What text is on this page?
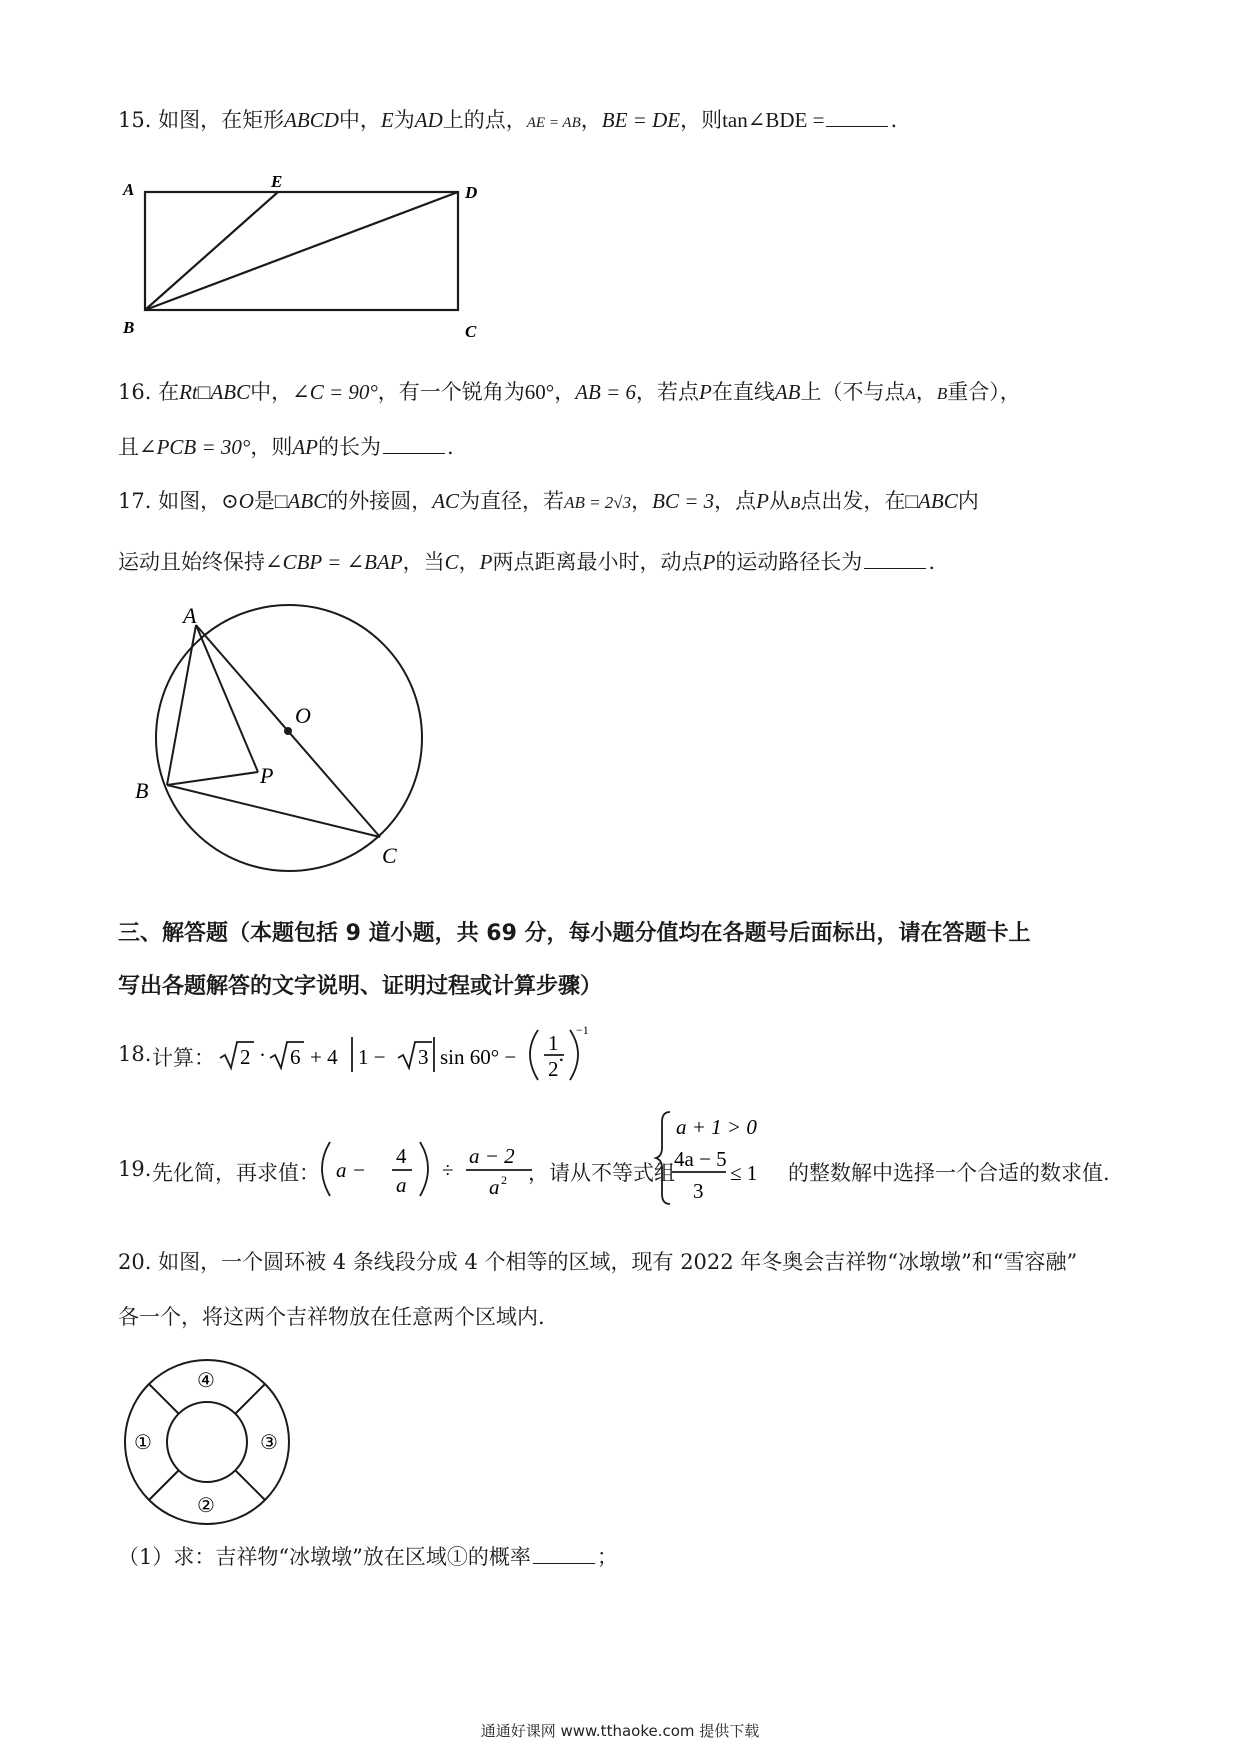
15. 如图，在矩形ABCD中，E为AD上的点，AE = AB，BE = DE，则tan∠BDE =	.
A	E
D
B	C
16. 在Rt□ABC中，∠C = 90°，有一个锐角为60°，AB = 6，若点P在直线AB上（不与点A，B重合），
且∠PCB = 30°，则AP的长为	.
17. 如图，⊙O是□ABC的外接圆，AC为直径，若AB = 2√3，BC = 3，点P从B点出发，在□ABC内
运动且始终保持∠CBP = ∠BAP，当C，P两点距离最小时，动点P的运动路径长为	.
A
O
P
B
C
三、解答题（本题包括 9 道小题，共 69 分，每小题分值均在各题号后面标出，请在答题卡上
写出各题解答的文字说明、证明过程或计算步骤）
18. 计算： 2 · 6 + 4 1 − 3 sin 60° −
1
2
−1
.
19. 先化简，再求值： a −
4
a
÷
a − 2
a 2 ，请从不等式组
a + 1 > 0
4a − 5
3
≤ 1 的整数解中选择一个合适的数求值.
20. 如图，一个圆环被 4 条线段分成 4 个相等的区域，现有 2022 年冬奥会吉祥物“冰墩墩”和“雪容融”
各一个，将这两个吉祥物放在任意两个区域内.
①
②
③
④
（1）求：吉祥物“冰墩墩”放在区域①的概率	；
通通好课网 www.tthaoke.com 提供下载
